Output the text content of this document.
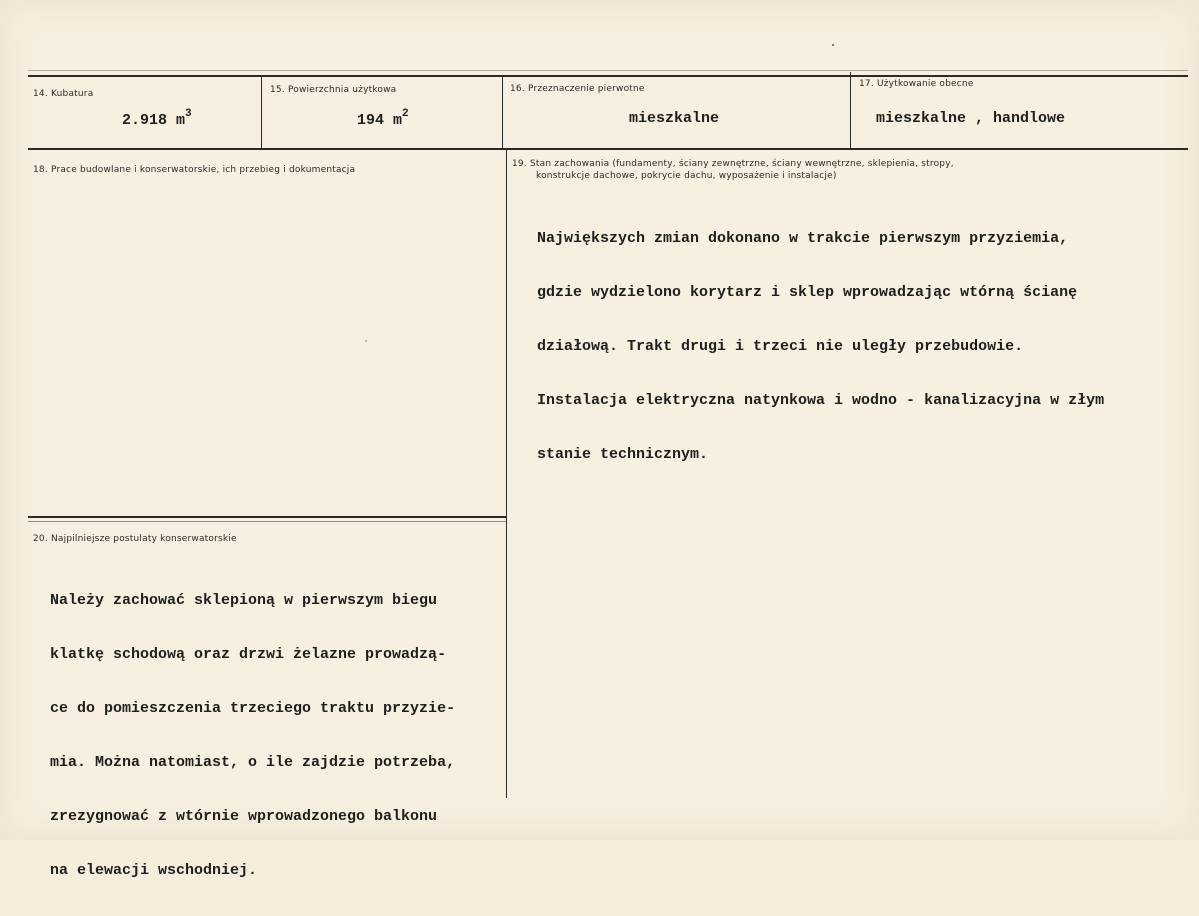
14. Kubatura
2.918 $m^3$
15. Powierzchnia użytkowa
194 $m^2$
16. Przeznaczenie pierwotne
mieszkalne
17. Użytkowanie obecne
mieszkalne , handlowe
18. Prace budowlane i konserwatorskie, ich przebieg i dokumentacja
19. Stan zachowania (fundamenty, ściany zewnętrzne, ściany wewnętrzne, sklepienia, stropy,
konstrukcje dachowe, pokrycie dachu, wyposażenie i instalacje)

Największych zmian dokonano w trakcie pierwszym przyziemia,

gdzie wydzielono korytarz i sklep wprowadzając wtórną ścianę

działową. Trakt drugi i trzeci nie uległy przebudowie.

Instalacja elektryczna natynkowa i wodno - kanalizacyjna w złym

stanie technicznym.

20. Najpilniejsze postulaty konserwatorskie

Należy zachować sklepioną w pierwszym biegu

klatkę schodową oraz drzwi żelazne prowadzą-

ce do pomieszczenia trzeciego traktu przyzie-

mia. Można natomiast, o ile zajdzie potrzeba,

zrezygnować z wtórnie wprowadzonego balkonu

na elewacji wschodniej.
